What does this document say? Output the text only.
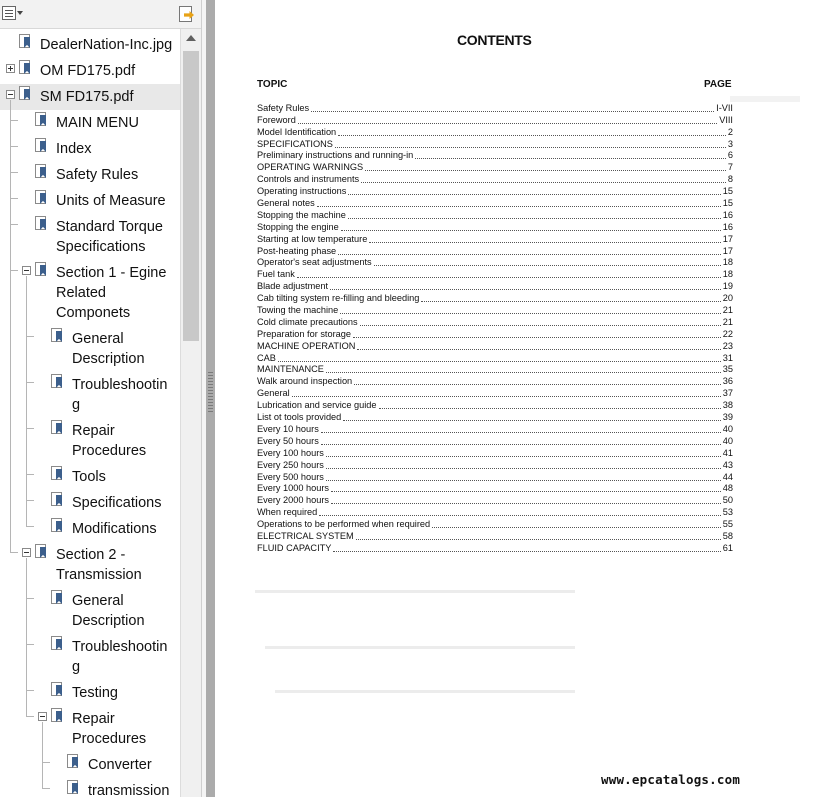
DealerNation-Inc.jpg
OM FD175.pdf
SM FD175.pdf
MAIN MENU
Index
Safety Rules
Units of Measure
Standard Torque
Specifications
Section 1 - Egine
Related
Componets
General
Description
Troubleshootin
g
Repair
Procedures
Tools
Specifications
Modifications
Section 2 -
Transmission
General
Description
Troubleshootin
g
Testing
Repair
Procedures
Converter
transmission
CONTENTS
TOPIC	PAGE
Safety Rules	I-VII
Foreword	VIII
Model Identification	2
SPECIFICATIONS	3
Preliminary instructions and running-in	6
OPERATING WARNINGS	7
Controls and instruments	8
Operating instructions	15
General notes	15
Stopping the machine	16
Stopping the engine	16
Starting at low temperature	17
Post-heating phase	17
Operator's seat adjustments	18
Fuel tank	18
Blade adjustment	19
Cab tilting system re-filling and bleeding	20
Towing the machine	21
Cold climate precautions	21
Preparation for storage	22
MACHINE OPERATION	23
CAB	31
MAINTENANCE	35
Walk around inspection	36
General	37
Lubrication and service guide	38
List ot tools provided	39
Every 10 hours	40
Every 50 hours	40
Every 100 hours	41
Every 250 hours	43
Every 500 hours	44
Every 1000 hours	48
Every 2000 hours	50
When required	53
Operations to be performed when required	55
ELECTRICAL SYSTEM	58
FLUID CAPACITY	61
www.epcatalogs.com
